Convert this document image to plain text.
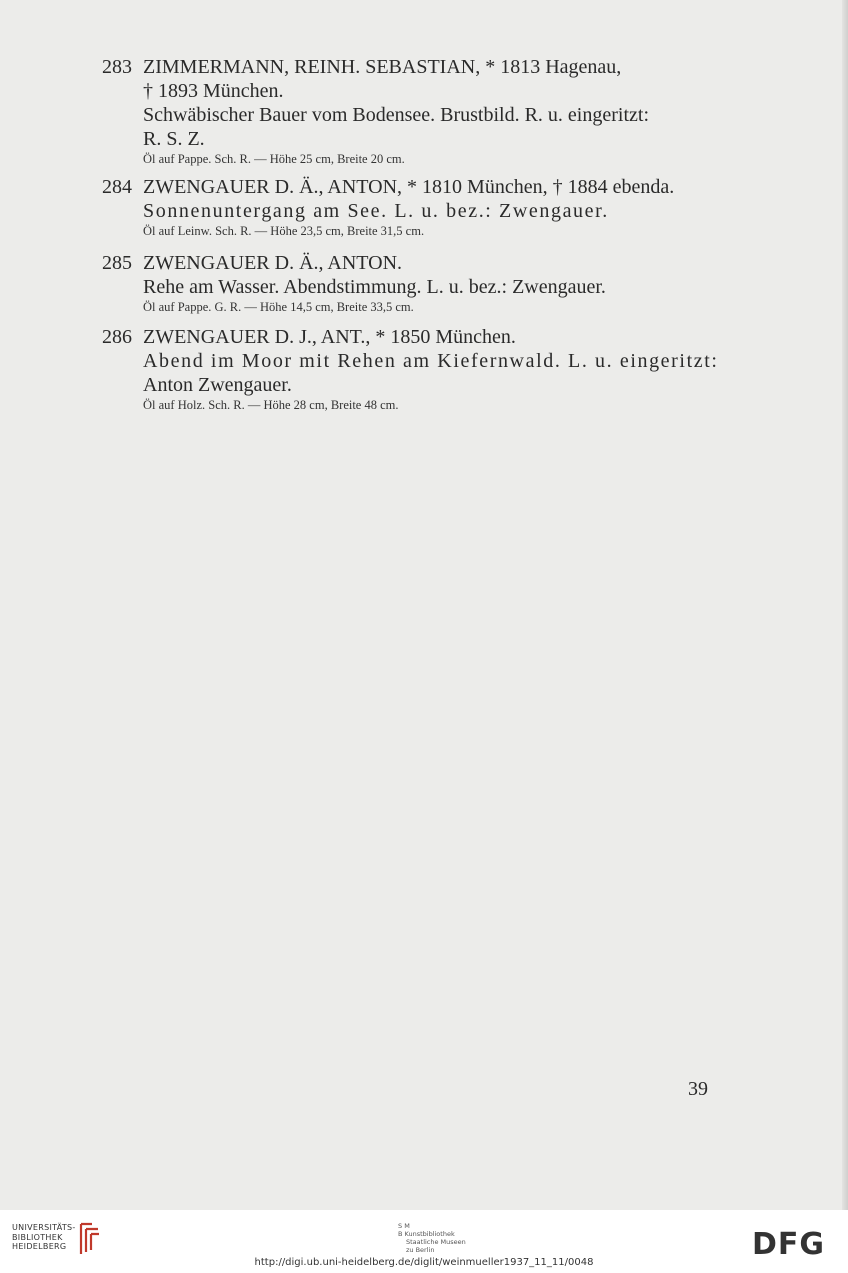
283 ZIMMERMANN, REINH. SEBASTIAN, * 1813 Hagenau,
† 1893 München.
Schwäbischer Bauer vom Bodensee. Brustbild. R. u. eingeritzt:
R. S. Z.
Öl auf Pappe. Sch. R. — Höhe 25 cm, Breite 20 cm.
284 ZWENGAUER D. Ä., ANTON, * 1810 München, † 1884 ebenda.
Sonnenuntergang am See. L. u. bez.: Zwengauer.
Öl auf Leinw. Sch. R. — Höhe 23,5 cm, Breite 31,5 cm.
285 ZWENGAUER D. Ä., ANTON.
Rehe am Wasser. Abendstimmung. L. u. bez.: Zwengauer.
Öl auf Pappe. G. R. — Höhe 14,5 cm, Breite 33,5 cm.
286 ZWENGAUER D. J., ANT., * 1850 München.
Abend im Moor mit Rehen am Kiefernwald. L. u. eingeritzt:
Anton Zwengauer.
Öl auf Holz. Sch. R. — Höhe 28 cm, Breite 48 cm.
39
UNIVERSITÄTS-
BIBLIOTHEK
HEIDELBERG
S M
B Kunstbibliothek
Staatliche Museen
zu Berlin	DFG
http://digi.ub.uni-heidelberg.de/diglit/weinmueller1937_11_11/0048
